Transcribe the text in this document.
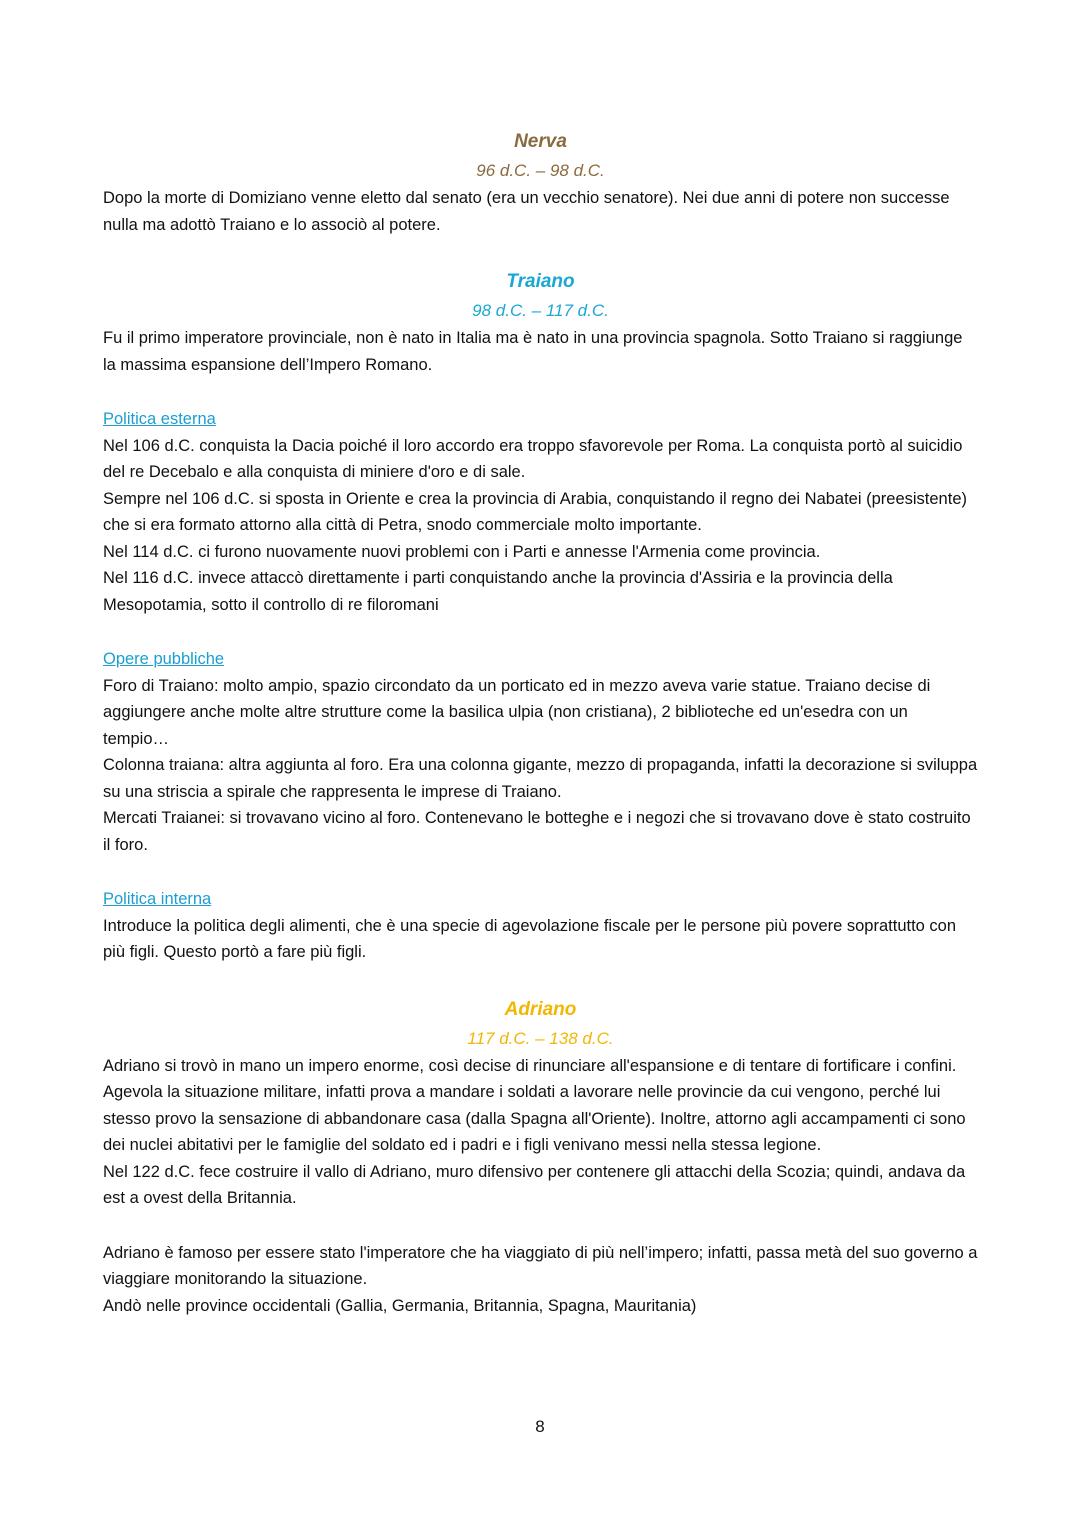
Nerva
96 d.C. – 98 d.C.

Dopo la morte di Domiziano venne eletto dal senato (era un vecchio senatore). Nei due anni di potere non successe nulla ma adottò Traiano e lo associò al potere.

Traiano
98 d.C. – 117 d.C.

Fu il primo imperatore provinciale, non è nato in Italia ma è nato in una provincia spagnola. Sotto Traiano si raggiunge la massima espansione dell’Impero Romano.

Politica esterna

Nel 106 d.C. conquista la Dacia poiché il loro accordo era troppo sfavorevole per Roma. La conquista portò al suicidio del re Decebalo e alla conquista di miniere d'oro e di sale.

Sempre nel 106 d.C. si sposta in Oriente e crea la provincia di Arabia, conquistando il regno dei Nabatei (preesistente) che si era formato attorno alla città di Petra, snodo commerciale molto importante.

Nel 114 d.C. ci furono nuovamente nuovi problemi con i Parti e annesse l'Armenia come provincia.

Nel 116 d.C. invece attaccò direttamente i parti conquistando anche la provincia d'Assiria e la provincia della Mesopotamia, sotto il controllo di re filoromani

Opere pubbliche

Foro di Traiano: molto ampio, spazio circondato da un porticato ed in mezzo aveva varie statue. Traiano decise di aggiungere anche molte altre strutture come la basilica ulpia (non cristiana), 2 biblioteche ed un'esedra con un tempio…

Colonna traiana: altra aggiunta al foro. Era una colonna gigante, mezzo di propaganda, infatti la decorazione si sviluppa su una striscia a spirale che rappresenta le imprese di Traiano.

Mercati Traianei: si trovavano vicino al foro. Contenevano le botteghe e i negozi che si trovavano dove è stato costruito il foro.

Politica interna

Introduce la politica degli alimenti, che è una specie di agevolazione fiscale per le persone più povere soprattutto con più figli. Questo portò a fare più figli.

Adriano
117 d.C. – 138 d.C.

Adriano si trovò in mano un impero enorme, così decise di rinunciare all'espansione e di tentare di fortificare i confini.

Agevola la situazione militare, infatti prova a mandare i soldati a lavorare nelle provincie da cui vengono, perché lui stesso provo la sensazione di abbandonare casa (dalla Spagna all'Oriente). Inoltre, attorno agli accampamenti ci sono dei nuclei abitativi per le famiglie del soldato ed i padri e i figli venivano messi nella stessa legione.

Nel 122 d.C. fece costruire il vallo di Adriano, muro difensivo per contenere gli attacchi della Scozia; quindi, andava da est a ovest della Britannia.

Adriano è famoso per essere stato l'imperatore che ha viaggiato di più nell’impero; infatti, passa metà del suo governo a viaggiare monitorando la situazione.

Andò nelle province occidentali (Gallia, Germania, Britannia, Spagna, Mauritania)

8
